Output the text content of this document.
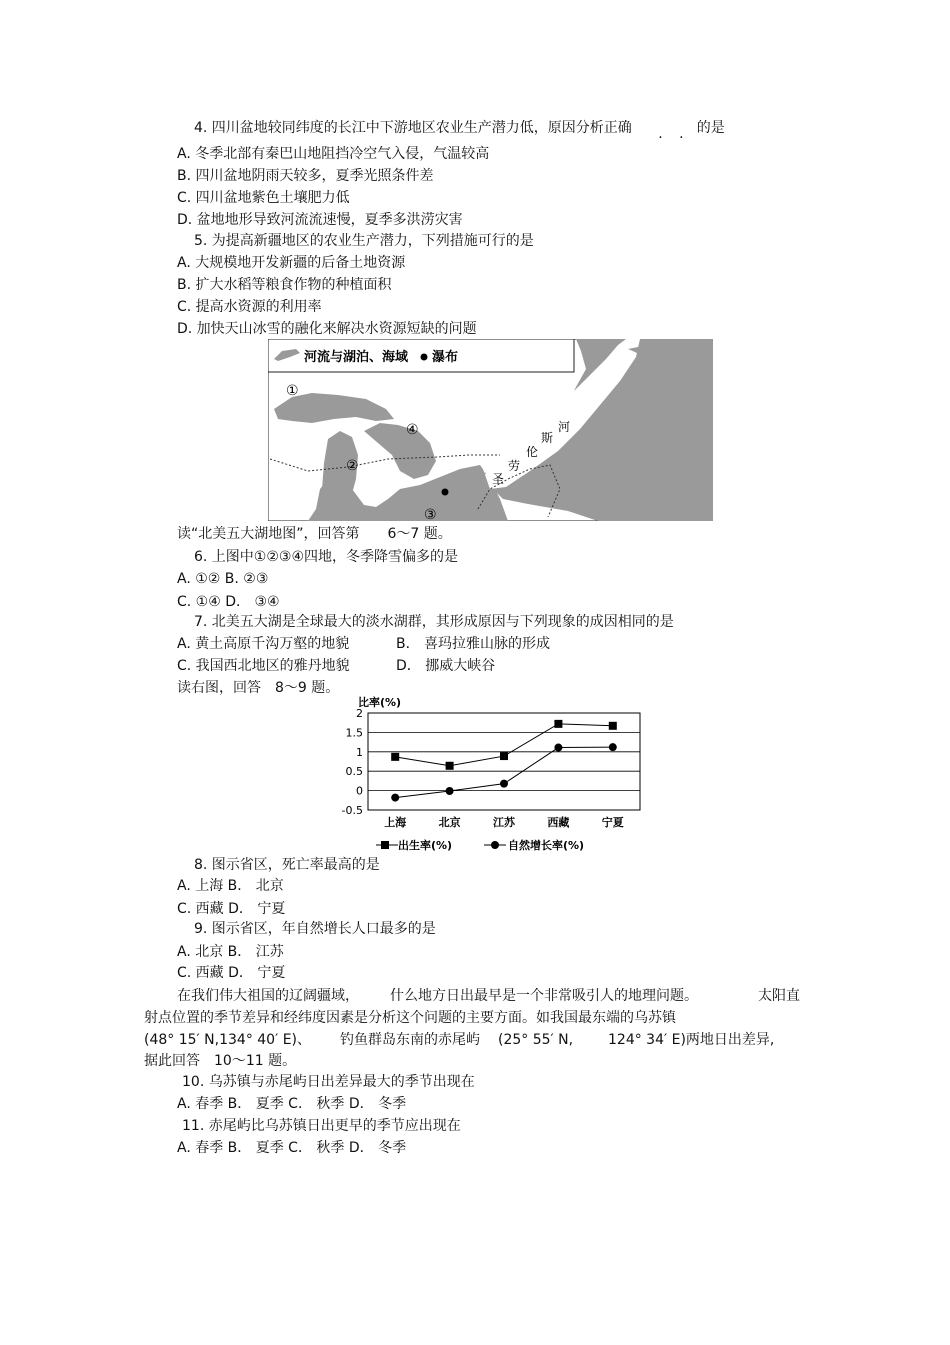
4. 四川盆地较同纬度的长江中下游地区农业生产潜力低，原因分析正确 . . 的是
A. 冬季北部有秦巴山地阻挡冷空气入侵，气温较高
B. 四川盆地阴雨天较多，夏季光照条件差
C. 四川盆地紫色土壤肥力低
D. 盆地地形导致河流流速慢，夏季多洪涝灾害
5. 为提高新疆地区的农业生产潜力，下列措施可行的是
A. 大规模地开发新疆的后备土地资源
B. 扩大水稻等粮食作物的种植面积
C. 提高水资源的利用率
D. 加快天山冰雪的融化来解决水资源短缺的问题
河流与湖泊、海域 瀑布
①
②
③
④	河
斯
伦
劳
圣
读“北美五大湖地图”，回答第　　6～7 题。
6. 上图中①②③④四地，冬季降雪偏多的是
A. ①② B. ②③
C. ①④ D． ③④
7. 北美五大湖是全球最大的淡水湖群，其形成原因与下列现象的成因相同的是
A. 黄土高原千沟万壑的地貌	B． 喜玛拉雅山脉的形成
C. 我国西北地区的雅丹地貌	D． 挪威大峡谷
读右图，回答　8～9 题。
比率(%)
2
1.5
1
0.5
0
-0.5
上海	北京	江苏	西藏	宁夏
出生率(%)	自然增长率(%)
8. 图示省区，死亡率最高的是
A. 上海 B． 北京
C. 西藏 D． 宁夏
9. 图示省区，年自然增长人口最多的是
A. 北京 B． 江苏
C. 西藏 D． 宁夏
在我们伟大祖国的辽阔疆域， 什么地方日出最早是一个非常吸引人的地理问题。	太阳直
射点位置的季节差异和经纬度因素是分析这个问题的主要方面。如我国最东端的乌苏镇
(48° 15′ N,134° 40′ E)、 钓鱼群岛东南的赤尾屿 (25° 55′ N, 124° 34′ E)两地日出差异,
据此回答　10～11 题。
10. 乌苏镇与赤尾屿日出差异最大的季节出现在
A. 春季 B． 夏季 C． 秋季 D． 冬季
11. 赤尾屿比乌苏镇日出更早的季节应出现在
A. 春季 B． 夏季 C． 秋季 D． 冬季
